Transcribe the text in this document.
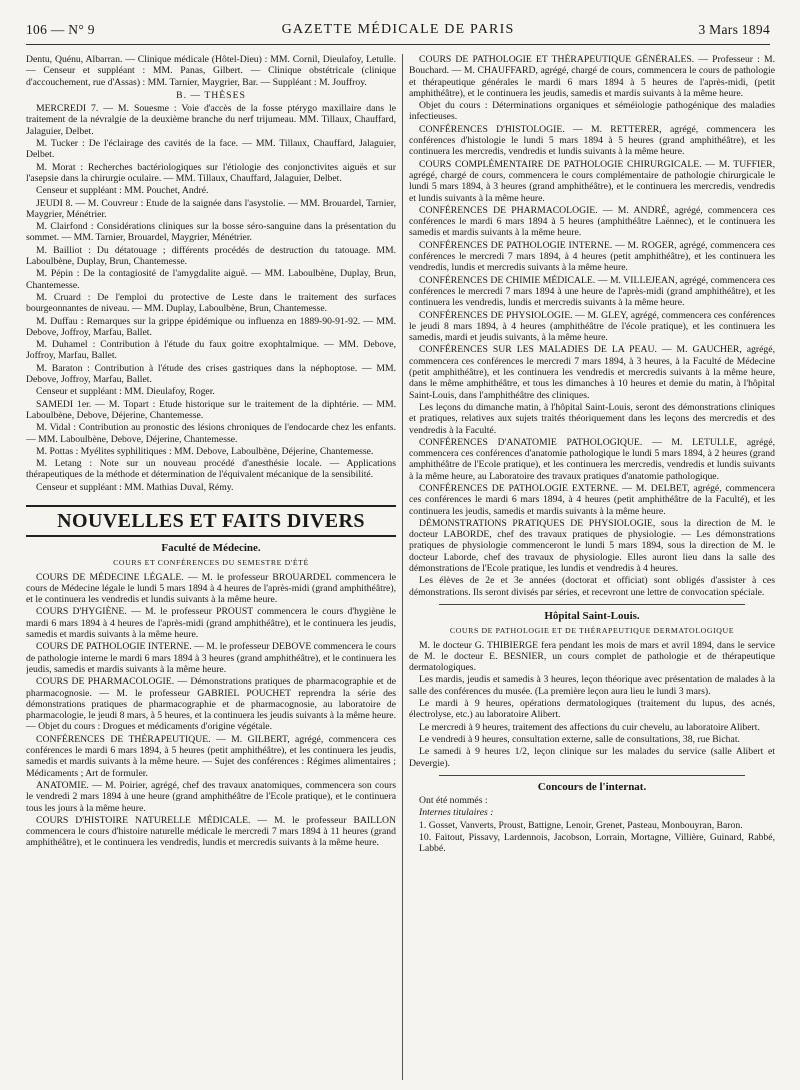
106 — N° 9	GAZETTE MÉDICALE DE PARIS	3 Mars 1894

Dentu, Quénu, Albarran. — Clinique médicale (Hôtel-Dieu) : MM. Cornil, Dieulafoy, Letulle. — Censeur et suppléant : MM. Panas, Gilbert. — Clinique obstétricale (clinique d'accouchement, rue d'Assas) : MM. Tarnier, Maygrier, Bar. — Suppléant : M. Jouffroy.

B. — THÈSES

MERCREDI 7. — M. Souesme : Voie d'accès de la fosse ptérygo maxillaire dans le traitement de la névralgie de la deuxième branche du nerf trijumeau. MM. Tillaux, Chauffard, Jalaguier, Delbet.

M. Tucker : De l'éclairage des cavités de la face. — MM. Tillaux, Chauffard, Jalaguier, Delbet.

M. Morat : Recherches bactériologiques sur l'étiologie des conjonctivites aiguës et sur l'asepsie dans la chirurgie oculaire. — MM. Tillaux, Chauffard, Jalaguier, Delbet.

Censeur et suppléant : MM. Pouchet, André.

JEUDI 8. — M. Couvreur : Etude de la saignée dans l'asystolie. — MM. Brouardel, Tarnier, Maygrier, Ménétrier.

M. Clairfond : Considérations cliniques sur la bosse séro-sanguine dans la présentation du sommet. — MM. Tarnier, Brouardel, Maygrier, Ménétrier.

M. Bailliot : Du détatouage ; différents procédés de destruction du tatouage. MM. Laboulbène, Duplay, Brun, Chantemesse.

M. Pépin : De la contagiosité de l'amygdalite aiguë. — MM. Laboulbène, Duplay, Brun, Chantemesse.

M. Cruard : De l'emploi du protective de Leste dans le traitement des surfaces bourgeonnantes de niveau. — MM. Duplay, Laboulbène, Brun, Chantemesse.

M. Duffau : Remarques sur la grippe épidémique ou influenza en 1889-90-91-92. — MM. Debove, Joffroy, Marfau, Ballet.

M. Duhamel : Contribution à l'étude du faux goitre exophtalmique. — MM. Debove, Joffroy, Marfau, Ballet.

M. Baraton : Contribution à l'étude des crises gastriques dans la néphoptose. — MM. Debove, Joffroy, Marfau, Ballet.

Censeur et suppléant : MM. Dieulafoy, Roger.

SAMEDI 1er. — M. Topart : Etude historique sur le traitement de la diphtérie. — MM. Laboulbène, Debove, Déjerine, Chantemesse.

M. Vidal : Contribution au pronostic des lésions chroniques de l'endocarde chez les enfants. — MM. Laboulbène, Debove, Déjerine, Chantemesse.

M. Pottas : Myélites syphilitiques : MM. Debove, Laboulbène, Déjerine, Chantemesse.

M. Letang : Note sur un nouveau procédé d'anesthésie locale. — Applications thérapeutiques de la méthode et détermination de l'équivalent mécanique de la sensibilité.

Censeur et suppléant : MM. Mathias Duval, Rémy.

NOUVELLES ET FAITS DIVERS
Faculté de Médecine.
COURS ET CONFÉRENCES DU SEMESTRE D'ÉTÉ

COURS DE MÉDECINE LÉGALE. — M. le professeur BROUARDEL commencera le cours de Médecine légale le lundi 5 mars 1894 à 4 heures de l'après-midi (grand amphithéâtre), et le continuera les vendredis et lundis suivants à la même heure.

COURS D'HYGIÈNE. — M. le professeur PROUST commencera le cours d'hygiène le mardi 6 mars 1894 à 4 heures de l'après-midi (grand amphithéâtre), et le continuera les jeudis, samedis et mardis suivants à la même heure.

COURS DE PATHOLOGIE INTERNE. — M. le professeur DEBOVE commencera le cours de pathologie interne le mardi 6 mars 1894 à 3 heures (grand amphithéâtre), et le continuera les jeudis, samedis et mardis suivants à la même heure.

COURS DE PHARMACOLOGIE. — Démonstrations pratiques de pharmacographie et de pharmacognosie. — M. le professeur GABRIEL POUCHET reprendra la série des démonstrations pratiques de pharmacographie et de pharmacognosie, au laboratoire de pharmacologie, le jeudi 8 mars, à 5 heures, et la continuera les jeudis suivants à la même heure. — Objet du cours : Drogues et médicaments d'origine végétale.

CONFÉRENCES DE THÉRAPEUTIQUE. — M. GILBERT, agrégé, commencera ces conférences le mardi 6 mars 1894, à 5 heures (petit amphithéâtre), et les continuera les jeudis, samedis et mardis suivants à la même heure. — Sujet des conférences : Régimes alimentaires ; Médicaments ; Art de formuler.

ANATOMIE. — M. Poirier, agrégé, chef des travaux anatomiques, commencera son cours le vendredi 2 mars 1894 à une heure (grand amphithéâtre de l'Ecole pratique), et le continuera tous les jours à la même heure.

COURS D'HISTOIRE NATURELLE MÉDICALE. — M. le professeur BAILLON commencera le cours d'histoire naturelle médicale le mercredi 7 mars 1894 à 11 heures (grand amphithéâtre), et le continuera les vendredis, lundis et mercredis suivants à la même heure.

COURS DE PATHOLOGIE ET THÉRAPEUTIQUE GÉNÉRALES. — Professeur : M. Bouchard. — M. CHAUFFARD, agrégé, chargé de cours, commencera le cours de pathologie et thérapeutique générales le mardi 6 mars 1894 à 5 heures de l'après-midi, (petit amphithéâtre), et le continuera les jeudis, samedis et mardis suivants à la même heure.

Objet du cours : Déterminations organiques et séméiologie pathogénique des maladies infectieuses.

CONFÉRENCES D'HISTOLOGIE. — M. RETTERER, agrégé, commencera les conférences d'histologie le lundi 5 mars 1894 à 5 heures (grand amphithéâtre), et les continuera les mercredis, vendredis et lundis suivants à la même heure.

COURS COMPLÉMENTAIRE DE PATHOLOGIE CHIRURGICALE. — M. TUFFIER, agrégé, chargé de cours, commencera le cours complémentaire de pathologie chirurgicale le lundi 5 mars 1894, à 3 heures (grand amphithéâtre), et le continuera les mercredis, vendredis et lundis suivants à la même heure.

CONFÉRENCES DE PHARMACOLOGIE. — M. ANDRÉ, agrégé, commencera ces conférences le mardi 6 mars 1894 à 5 heures (amphithéâtre Laënnec), et le continuera les samedis et mardis suivants à la même heure.

CONFÉRENCES DE PATHOLOGIE INTERNE. — M. ROGER, agrégé, commencera ces conférences le mercredi 7 mars 1894, à 4 heures (petit amphithéâtre), et les continuera les vendredis, lundis et mercredis suivants à la même heure.

CONFÉRENCES DE CHIMIE MÉDICALE. — M. VILLEJEAN, agrégé, commencera ces conférences le mercredi 7 mars 1894 à une heure de l'après-midi (grand amphithéâtre), et les continuera les vendredis, lundis et mercredis suivants à la même heure.

CONFÉRENCES DE PHYSIOLOGIE. — M. GLEY, agrégé, commencera ces conférences le jeudi 8 mars 1894, à 4 heures (amphithéâtre de l'école pratique), et les continuera les samedis, mardi et jeudis suivants, à la même heure.

CONFÉRENCES SUR LES MALADIES DE LA PEAU. — M. GAUCHER, agrégé, commencera ces conférences le mercredi 7 mars 1894, à 3 heures, à la Faculté de Médecine (petit amphithéâtre), et les continuera les vendredis et mercredis suivants à la même heure, dans le même amphithéâtre, et tous les dimanches à 10 heures et demie du matin, à l'hôpital Saint-Louis, dans l'amphithéâtre des cliniques.

Les leçons du dimanche matin, à l'hôpital Saint-Louis, seront des démonstrations cliniques et pratiques, relatives aux sujets traités théoriquement dans les leçons des mercredis et des vendredis à la Faculté.

CONFÉRENCES D'ANATOMIE PATHOLOGIQUE. — M. LETULLE, agrégé, commencera ces conférences d'anatomie pathologique le lundi 5 mars 1894, à 2 heures (grand amphithéâtre de l'Ecole pratique), et les continuera les mercredis, vendredis et lundis suivants à la même heure, au Laboratoire des travaux pratiques d'anatomie pathologique.

CONFÉRENCES DE PATHOLOGIE EXTERNE. — M. DELBET, agrégé, commencera ces conférences le mardi 6 mars 1894, à 4 heures (petit amphithéâtre de la Faculté), et les continuera les jeudis, samedis et mardis suivants à la même heure.

DÉMONSTRATIONS PRATIQUES DE PHYSIOLOGIE, sous la direction de M. le docteur LABORDE, chef des travaux pratiques de physiologie. — Les démonstrations pratiques de physiologie commenceront le lundi 5 mars 1894, sous la direction de M. le docteur Laborde, chef des travaux de physiologie. Elles auront lieu dans la salle des démonstrations de l'Ecole pratique, les lundis et vendredis à 4 heures.

Les élèves de 2e et 3e années (doctorat et officiat) sont obligés d'assister à ces démonstrations. Ils seront divisés par séries, et recevront une lettre de convocation spéciale.

Hôpital Saint-Louis.
COURS DE PATHOLOGIE ET DE THÉRAPEUTIQUE DERMATOLOGIQUE

M. le docteur G. THIBIERGE fera pendant les mois de mars et avril 1894, dans le service de M. le docteur E. BESNIER, un cours complet de pathologie et de thérapeutique dermatologiques.

Les mardis, jeudis et samedis à 3 heures, leçon théorique avec présentation de malades à la salle des conférences du musée. (La première leçon aura lieu le lundi 3 mars).

Le mardi à 9 heures, opérations dermatologiques (traitement du lupus, des acnés, électrolyse, etc.) au laboratoire Alibert.

Le mercredi à 9 heures, traitement des affections du cuir chevelu, au laboratoire Alibert.

Le vendredi à 9 heures, consultation externe, salle de consultations, 38, rue Bichat.

Le samedi à 9 heures 1/2, leçon clinique sur les malades du service (salle Alibert et Devergie).

Concours de l'internat.

Ont été nommés :

Internes titulaires :

1. Gosset, Vanverts, Proust, Battigne, Lenoir, Grenet, Pasteau, Monbouyran, Baron.

10. Faitout, Pissavy, Lardennois, Jacobson, Lorrain, Mortagne, Villière, Guinard, Rabbé, Labbé.
